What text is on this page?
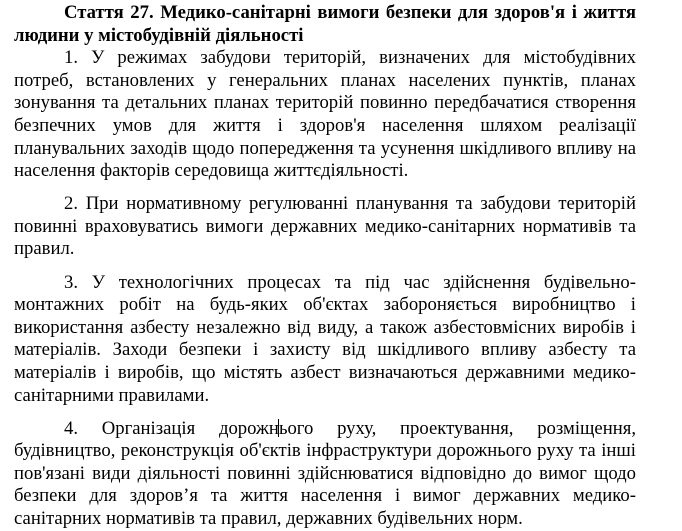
Стаття 27. Медико-санітарні вимоги безпеки для здоров'я і життя людини у містобудівній діяльності

1. У режимах забудови територій, визначених для містобудівних потреб, встановлених у генеральних планах населених пунктів, планах зонування та детальних планах територій повинно передбачатися створення безпечних умов для життя і здоров'я населення шляхом реалізації планувальних заходів щодо попередження та усунення шкідливого впливу на населення факторів середовища життєдіяльності.

2. При нормативному регулюванні планування та забудови територій повинні враховуватись вимоги державних медико-санітарних нормативів та правил.

3. У технологічних процесах та під час здійснення будівельно-монтажних робіт на будь-яких об'єктах забороняється виробництво і використання азбесту незалежно від виду, а також азбестовмісних виробів і матеріалів. Заходи безпеки і захисту від шкідливого впливу азбесту та матеріалів і виробів, що містять азбест визначаються державними медико-санітарними правилами.

4. Організація дорожнього руху, проектування, розміщення, будівництво, реконструкція об'єктів інфраструктури дорожнього руху та інші пов'язані види діяльності повинні здійснюватися відповідно до вимог щодо безпеки для здоров’я та життя населення і вимог державних медико-санітарних нормативів та правил, державних будівельних норм.
